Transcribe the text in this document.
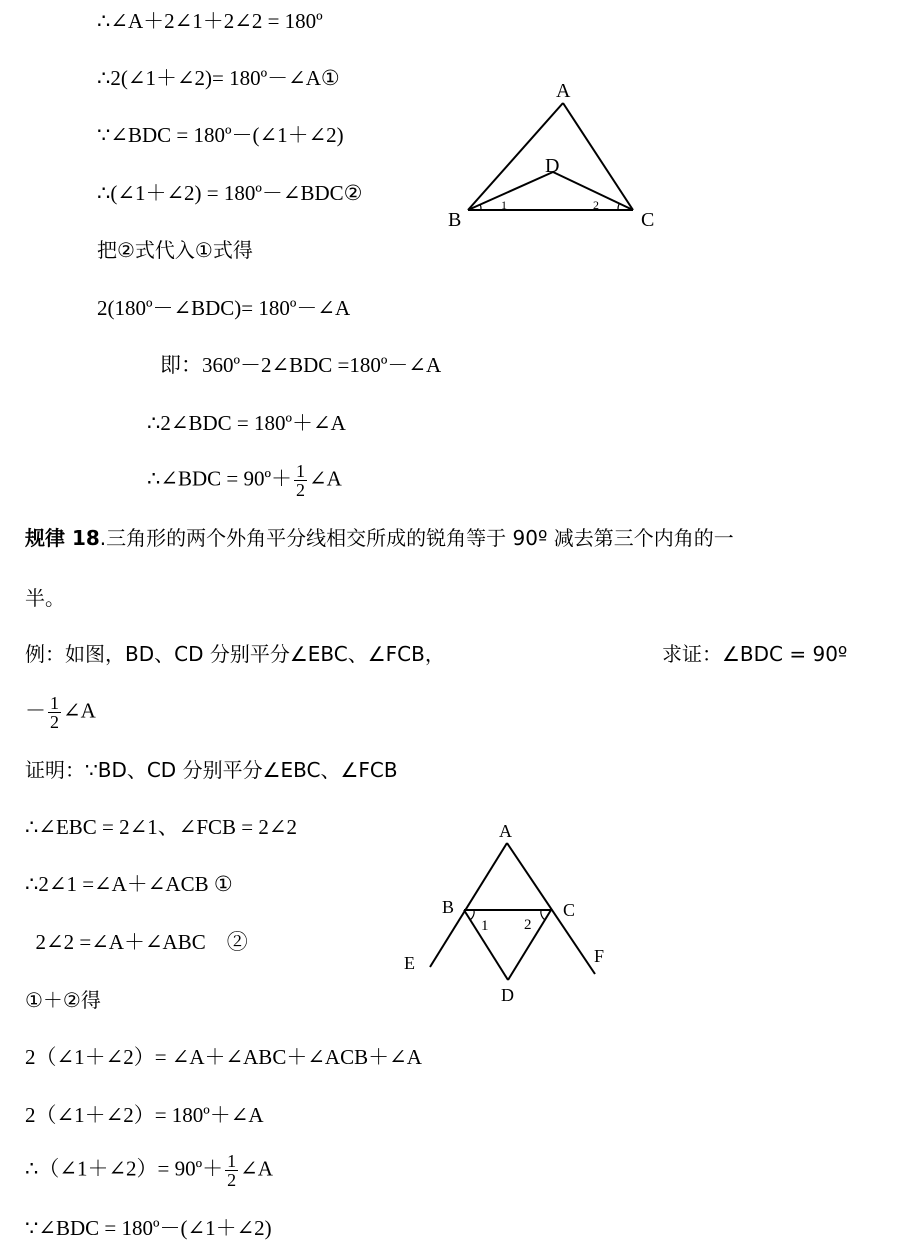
∴∠A＋2∠1＋2∠2 = 180º
∴2(∠1＋∠2)= 180º－∠A①
∵∠BDC = 180º－(∠1＋∠2)
∴(∠1＋∠2) = 180º－∠BDC②
把②式代入①式得
2(180º－∠BDC)= 180º－∠A
即：360º－2∠BDC =180º－∠A
∴2∠BDC = 180º＋∠A
∴∠BDC = 90º＋ $\frac{1}{2}$ ∠A
A
B	C
D
1	2
规律 18.三角形的两个外角平分线相交所成的锐角等于 90º 减去第三个内角的一
半。
例：如图，BD、CD 分别平分∠EBC、∠FCB，	求证：∠BDC = 90º
－ $\frac{1}{2}$ ∠A
证明：∵BD、CD 分别平分∠EBC、∠FCB
∴∠EBC = 2∠1、∠FCB = 2∠2
∴2∠1 =∠A＋∠ACB ①
2∠2 =∠A＋∠ABC    ②
①＋②得
2（∠1＋∠2）= ∠A＋∠ABC＋∠ACB＋∠A
2（∠1＋∠2）= 180º＋∠A
∴（∠1＋∠2）= 90º＋ $\frac{1}{2}$ ∠A
∵∠BDC = 180º－(∠1＋∠2)
A
B	C
D
E	F
1 2
